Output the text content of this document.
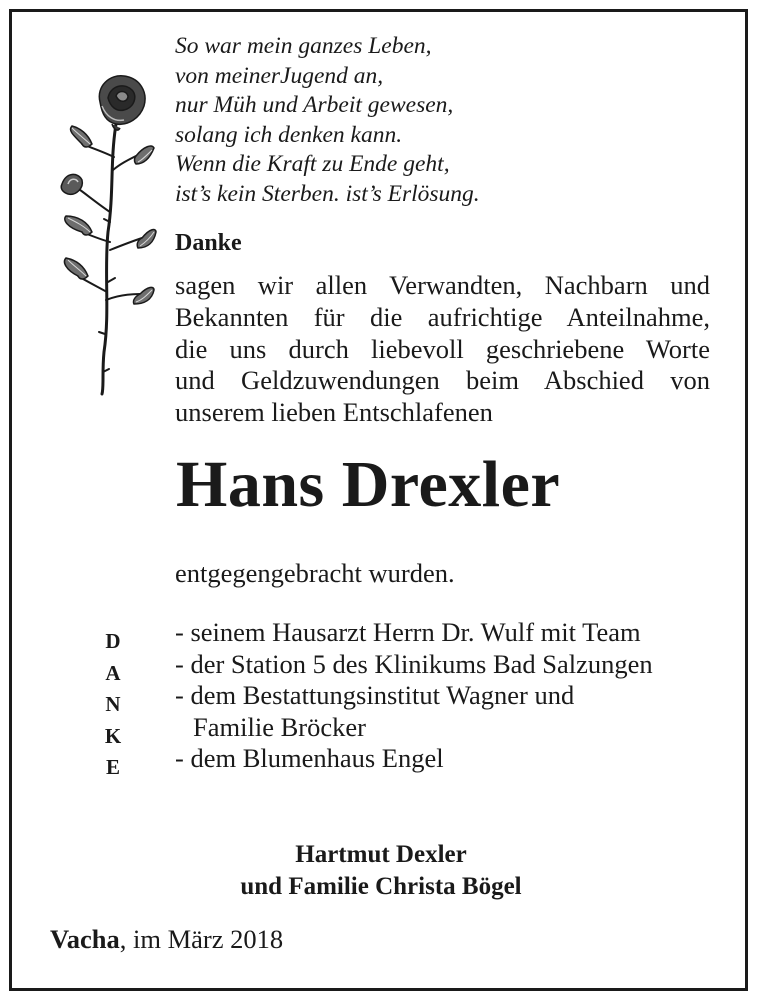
So war mein ganzes Leben,
von meinerJugend an,
nur Müh und Arbeit gewesen,
solang ich denken kann.
Wenn die Kraft zu Ende geht,
ist’s kein Sterben. ist’s Erlösung.
Danke
sagen wir allen Verwandten, Nachbarn und
Bekannten für die aufrichtige Anteilnahme,
die uns durch liebevoll geschriebene Worte
und Geldzuwendungen beim Abschied von
unserem lieben Entschlafenen
Hans Drexler
entgegengebracht wurden.
D
A
N
K
E
- seinem Hausarzt Herrn Dr. Wulf mit Team
- der Station 5 des Klinikums Bad Salzungen
- dem Bestattungsinstitut Wagner und
Familie Bröcker
- dem Blumenhaus Engel
Hartmut Dexler
und Familie Christa Bögel
Vacha, im März 2018
